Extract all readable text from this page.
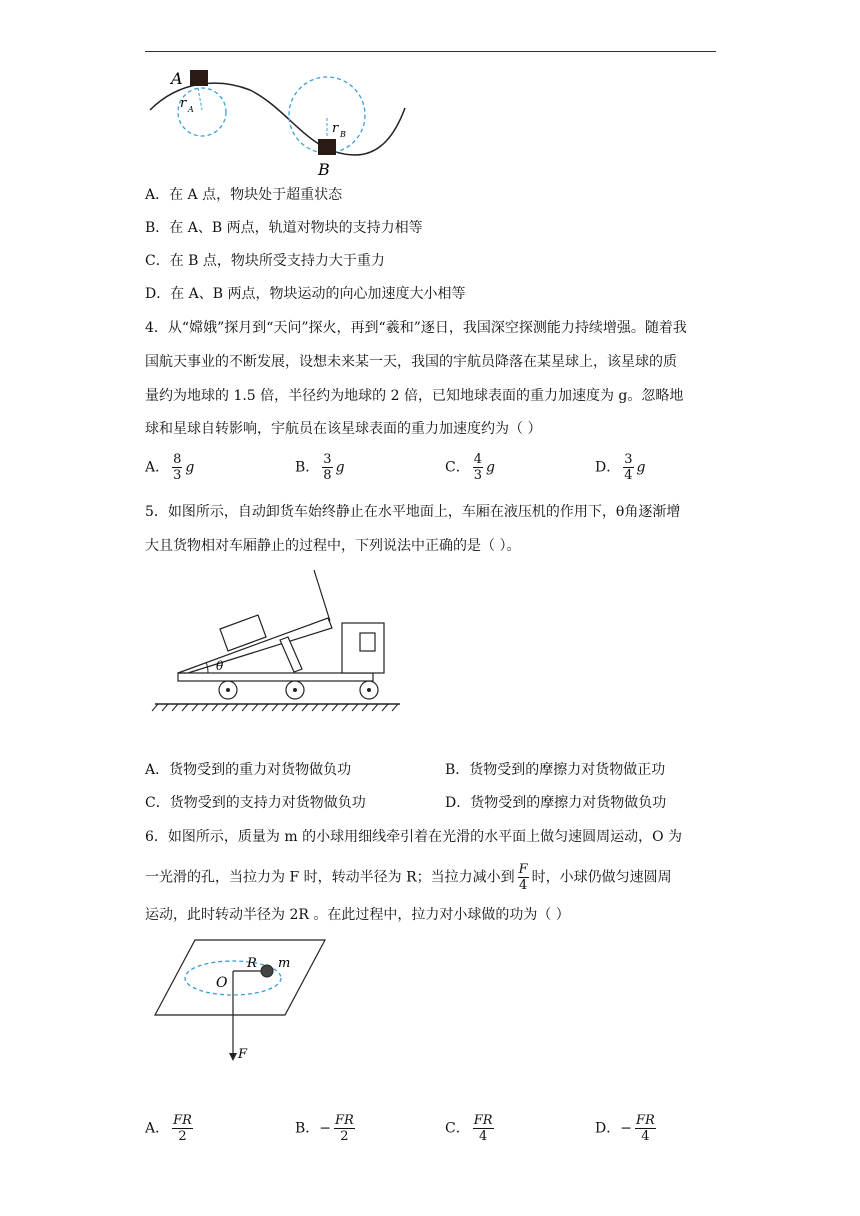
A
r A
r B
B
A．在 A 点，物块处于超重状态
B．在 A、B 两点，轨道对物块的支持力相等
C．在 B 点，物块所受支持力大于重力
D．在 A、B 两点，物块运动的向心加速度大小相等
4．从“嫦娥”探月到“天问”探火，再到“羲和”逐日，我国深空探测能力持续增强。随着我
国航天事业的不断发展，设想未来某一天，我国的宇航员降落在某星球上，该星球的质
量约为地球的 1.5 倍，半径约为地球的 2 倍，已知地球表面的重力加速度为 g。忽略地
球和星球自转影响，宇航员在该星球表面的重力加速度约为（ ）
A． $\frac{8}{3}$ g	B． $\frac{3}{8}$ g	C． $\frac{4}{3}$ g	D． $\frac{3}{4}$ g
5．如图所示，自动卸货车始终静止在水平地面上，车厢在液压机的作用下，θ角逐渐增
大且货物相对车厢静止的过程中，下列说法中正确的是（ ）。
θ
A．货物受到的重力对货物做负功	B．货物受到的摩擦力对货物做正功
C．货物受到的支持力对货物做负功	D．货物受到的摩擦力对货物做负功
6．如图所示，质量为 m 的小球用细线牵引着在光滑的水平面上做匀速圆周运动，O 为
一光滑的孔，当拉力为 F 时，转动半径为 R；当拉力减小到 $\frac{F}{4}$ 时，小球仍做匀速圆周
运动，此时转动半径为 2R 。在此过程中，拉力对小球做的功为（ ）
R m
O
F
A． $\frac{FR}{2}$	B．− $\frac{FR}{2}$	C． $\frac{FR}{4}$	D．− $\frac{FR}{4}$
